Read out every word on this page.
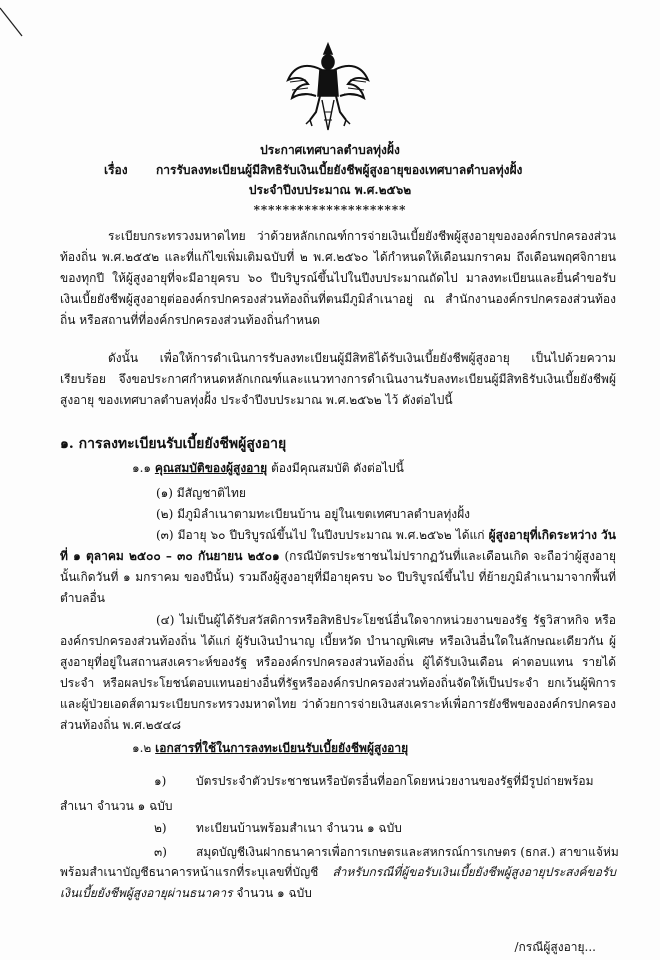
ประกาศเทศบาลตำบลทุ่งฝั้ง
เรื่อง การรับลงทะเบียนผู้มีสิทธิรับเงินเบี้ยยังชีพผู้สูงอายุของเทศบาลตำบลทุ่งฝั้ง
ประจำปีงบประมาณ พ.ศ.๒๕๖๒
*********************
ระเบียบกระทรวงมหาดไทย ว่าด้วยหลักเกณฑ์การจ่ายเงินเบี้ยยังชีพผู้สูงอายุขององค์กรปกครองส่วนท้องถิ่น พ.ศ.๒๕๕๒ และที่แก้ไขเพิ่มเติมฉบับที่ ๒ พ.ศ.๒๕๖๐ ได้กำหนดให้เดือนมกราคม ถึงเดือนพฤศจิกายนของทุกปี ให้ผู้สูงอายุที่จะมีอายุครบ ๖๐ ปีบริบูรณ์ขึ้นไปในปีงบประมาณถัดไป มาลงทะเบียนและยื่นคำขอรับเงินเบี้ยยังชีพผู้สูงอายุต่อองค์กรปกครองส่วนท้องถิ่นที่ตนมีภูมิลำเนาอยู่ ณ สำนักงานองค์กรปกครองส่วนท้องถิ่น หรือสถานที่ที่องค์กรปกครองส่วนท้องถิ่นกำหนด
ดังนั้น เพื่อให้การดำเนินการรับลงทะเบียนผู้มีสิทธิได้รับเงินเบี้ยยังชีพผู้สูงอายุ เป็นไปด้วยความเรียบร้อย จึงขอประกาศกำหนดหลักเกณฑ์และแนวทางการดำเนินงานรับลงทะเบียนผู้มีสิทธิรับเงินเบี้ยยังชีพผู้สูงอายุ ของเทศบาลตำบลทุ่งฝั้ง ประจำปีงบประมาณ พ.ศ.๒๕๖๒ ไว้ ดังต่อไปนี้
๑. การลงทะเบียนรับเบี้ยยังชีพผู้สูงอายุ
๑.๑ คุณสมบัติของผู้สูงอายุ ต้องมีคุณสมบัติ ดังต่อไปนี้
(๑) มีสัญชาติไทย
(๒) มีภูมิลำเนาตามทะเบียนบ้าน อยู่ในเขตเทศบาลตำบลทุ่งฝั้ง
(๓) มีอายุ ๖๐ ปีบริบูรณ์ขึ้นไป ในปีงบประมาณ พ.ศ.๒๕๖๒ ได้แก่ ผู้สูงอายุที่เกิดระหว่าง วันที่ ๑ ตุลาคม ๒๕๐๐ – ๓๐ กันยายน ๒๕๐๑ (กรณีบัตรประชาชนไม่ปรากฏวันที่และเดือนเกิด จะถือว่าผู้สูงอายุนั้นเกิดวันที่ ๑ มกราคม ของปีนั้น) รวมถึงผู้สูงอายุที่มีอายุครบ ๖๐ ปีบริบูรณ์ขึ้นไป ที่ย้ายภูมิลำเนามาจากพื้นที่ตำบลอื่น
(๔) ไม่เป็นผู้ได้รับสวัสดิการหรือสิทธิประโยชน์อื่นใดจากหน่วยงานของรัฐ รัฐวิสาหกิจ หรือองค์กรปกครองส่วนท้องถิ่น ได้แก่ ผู้รับเงินบำนาญ เบี้ยหวัด บำนาญพิเศษ หรือเงินอื่นใดในลักษณะเดียวกัน ผู้สูงอายุที่อยู่ในสถานสงเคราะห์ของรัฐ หรือองค์กรปกครองส่วนท้องถิ่น ผู้ได้รับเงินเดือน ค่าตอบแทน รายได้ประจำ หรือผลประโยชน์ตอบแทนอย่างอื่นที่รัฐหรือองค์กรปกครองส่วนท้องถิ่นจัดให้เป็นประจำ ยกเว้นผู้พิการ และผู้ป่วยเอดส์ตามระเบียบกระทรวงมหาดไทย ว่าด้วยการจ่ายเงินสงเคราะห์เพื่อการยังชีพขององค์กรปกครองส่วนท้องถิ่น พ.ศ.๒๕๔๘
๑.๒ เอกสารที่ใช้ในการลงทะเบียนรับเบี้ยยังชีพผู้สูงอายุ
๑) บัตรประจำตัวประชาชนหรือบัตรอื่นที่ออกโดยหน่วยงานของรัฐที่มีรูปถ่ายพร้อม
สำเนา จำนวน ๑ ฉบับ
๒) ทะเบียนบ้านพร้อมสำเนา จำนวน ๑ ฉบับ
๓) สมุดบัญชีเงินฝากธนาคารเพื่อการเกษตรและสหกรณ์การเกษตร (ธกส.) สาขาแจ้ห่ม
พร้อมสำเนาบัญชีธนาคารหน้าแรกที่ระบุเลขที่บัญชี สำหรับกรณีที่ผู้ขอรับเงินเบี้ยยังชีพผู้สูงอายุประสงค์ขอรับ เงินเบี้ยยังชีพผู้สูงอายุผ่านธนาคาร จำนวน ๑ ฉบับ
/กรณีผู้สูงอายุ...
